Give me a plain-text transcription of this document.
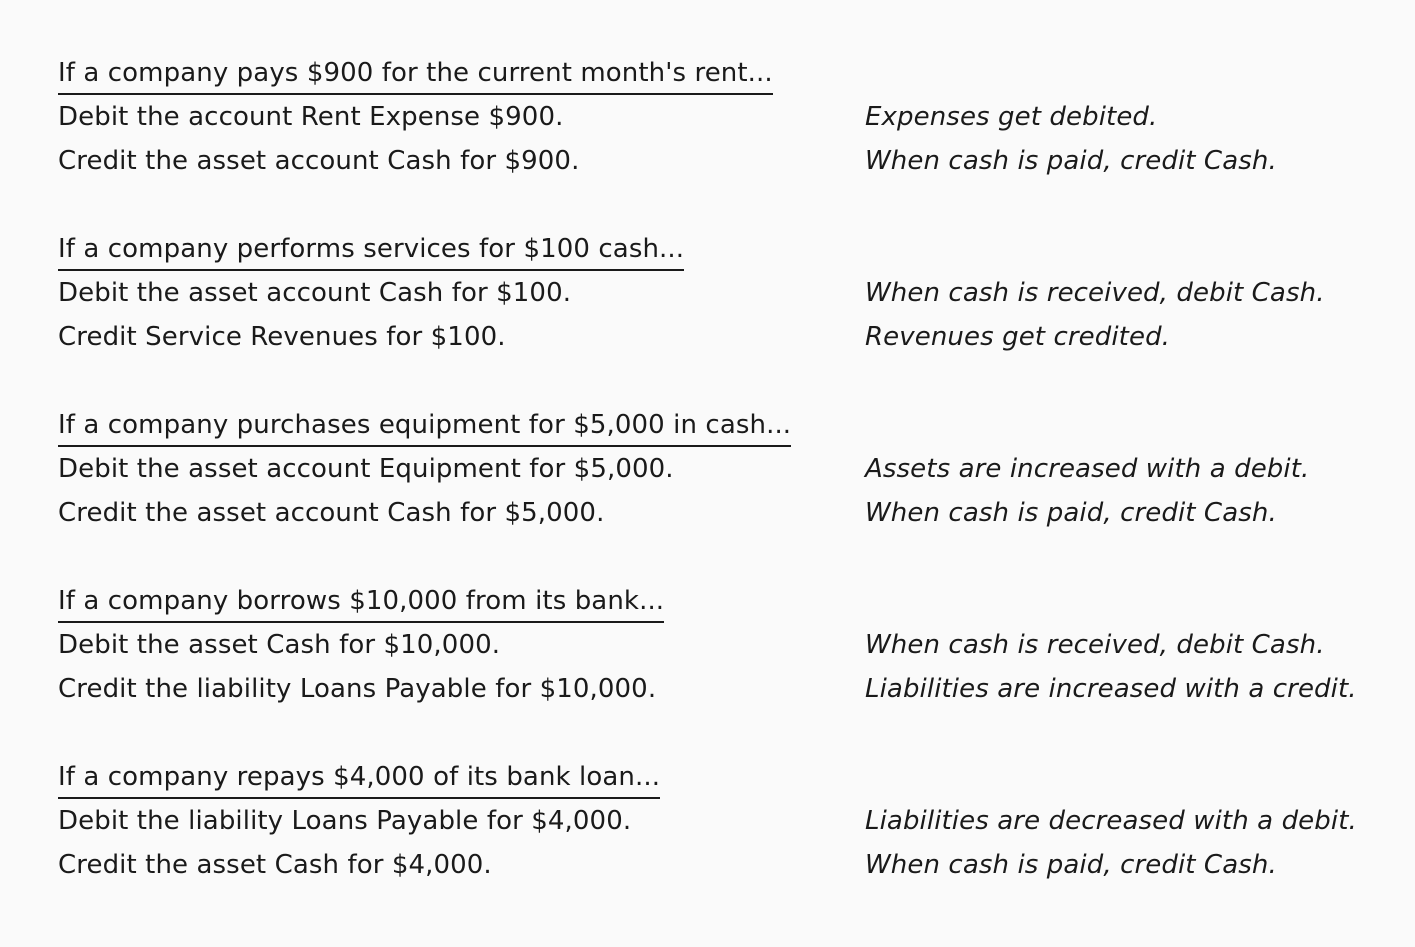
If a company pays $900 for the current month's rent...
Debit the account Rent Expense $900.
Credit the asset account Cash for $900.
Expenses get debited.
When cash is paid, credit Cash.
If a company performs services for $100 cash...
Debit the asset account Cash for $100.
Credit Service Revenues for $100.
When cash is received, debit Cash.
Revenues get credited.
If a company purchases equipment for $5,000 in cash...
Debit the asset account Equipment for $5,000.
Credit the asset account Cash for $5,000.
Assets are increased with a debit.
When cash is paid, credit Cash.
If a company borrows $10,000 from its bank...
Debit the asset Cash for $10,000.
Credit the liability Loans Payable for $10,000.
When cash is received, debit Cash.
Liabilities are increased with a credit.
If a company repays $4,000 of its bank loan...
Debit the liability Loans Payable for $4,000.
Credit the asset Cash for $4,000.
Liabilities are decreased with a debit.
When cash is paid, credit Cash.
